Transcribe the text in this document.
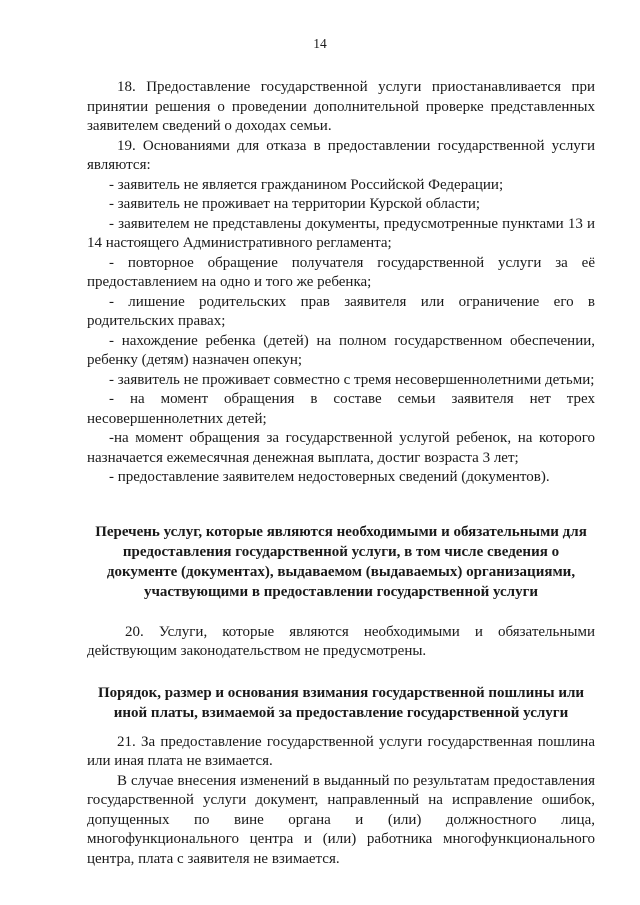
14

18. Предоставление государственной услуги приостанавливается при принятии решения о проведении дополнительной проверке представленных заявителем сведений о доходах семьи.

19. Основаниями для отказа в предоставлении государственной услуги являются:

- заявитель не является гражданином Российской Федерации;

- заявитель не проживает на территории Курской области;

- заявителем не представлены документы, предусмотренные пунктами 13 и 14 настоящего Административного регламента;

- повторное обращение получателя государственной услуги за её предоставлением на одно и того же ребенка;

- лишение родительских прав заявителя или ограничение его в родительских правах;

- нахождение ребенка (детей) на полном государственном обеспечении, ребенку (детям) назначен опекун;

- заявитель не проживает совместно с тремя несовершеннолетними детьми;

- на момент обращения в составе семьи заявителя нет трех несовершеннолетних детей;

-на момент обращения за государственной услугой ребенок, на которого назначается ежемесячная денежная выплата, достиг возраста 3 лет;

- предоставление заявителем недостоверных сведений (документов).

Перечень услуг, которые являются необходимыми и обязательными для предоставления государственной услуги, в том числе сведения о документе (документах), выдаваемом (выдаваемых) организациями, участвующими в предоставлении государственной услуги

20. Услуги, которые являются необходимыми и обязательными действующим законодательством не предусмотрены.

Порядок, размер и основания взимания государственной пошлины или иной платы, взимаемой за предоставление государственной услуги

21. За предоставление государственной услуги государственная пошлина или иная плата не взимается.

В случае внесения изменений в выданный по результатам предоставления государственной услуги документ, направленный на исправление ошибок, допущенных по вине органа и (или) должностного лица, многофункционального центра и (или) работника многофункционального центра, плата с заявителя не взимается.
